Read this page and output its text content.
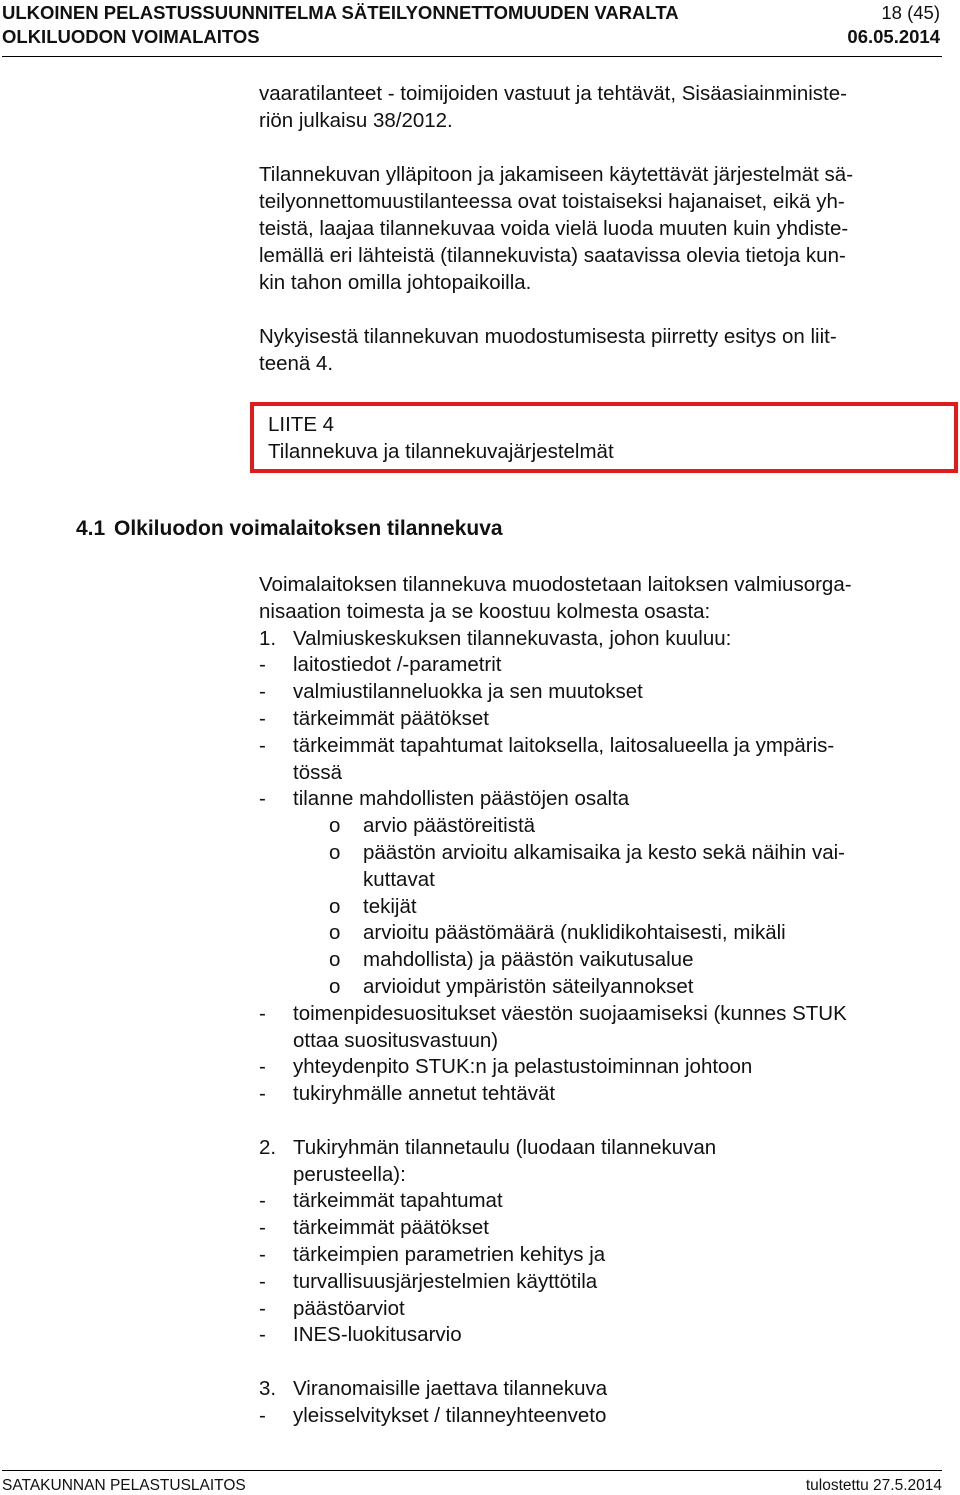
ULKOINEN PELASTUSSUUNNITELMA SÄTEILYONNETTOMUUDEN VARALTA
OLKILUODON VOIMALAITOS
18 (45)
06.05.2014

vaaratilanteet - toimijoiden vastuut ja tehtävät, Sisäasiainministe-
riön julkaisu 38/2012.

Tilannekuvan ylläpitoon ja jakamiseen käytettävät järjestelmät sä-
teilyonnettomuustilanteessa ovat toistaiseksi hajanaiset, eikä yh-
teistä, laajaa tilannekuvaa voida vielä luoda muuten kuin yhdiste-
lemällä eri lähteistä (tilannekuvista) saatavissa olevia tietoja kun-
kin tahon omilla johtopaikoilla.

Nykyisestä tilannekuvan muodostumisesta piirretty esitys on liit-
teenä 4.

LIITE 4
Tilannekuva ja tilannekuvajärjestelmät
4.1 Olkiluodon voimalaitoksen tilannekuva
Voimalaitoksen tilannekuva muodostetaan laitoksen valmiusorga-
nisaation toimesta ja se koostuu kolmesta osasta:
1. Valmiuskeskuksen tilannekuvasta, johon kuuluu:
- laitostiedot /-parametrit
- valmiustilanneluokka ja sen muutokset
- tärkeimmät päätökset
- tärkeimmät tapahtumat laitoksella, laitosalueella ja ympäris-
tössä
- tilanne mahdollisten päästöjen osalta
o arvio päästöreitistä
o päästön arvioitu alkamisaika ja kesto sekä näihin vai-
kuttavat
o tekijät
o arvioitu päästömäärä (nuklidikohtaisesti, mikäli
o mahdollista) ja päästön vaikutusalue
o arvioidut ympäristön säteilyannokset
- toimenpidesuositukset väestön suojaamiseksi (kunnes STUK
ottaa suositusvastuun)
- yhteydenpito STUK:n ja pelastustoiminnan johtoon
- tukiryhmälle annetut tehtävät
2. Tukiryhmän tilannetaulu (luodaan tilannekuvan
perusteella):
- tärkeimmät tapahtumat
- tärkeimmät päätökset
- tärkeimpien parametrien kehitys ja
- turvallisuusjärjestelmien käyttötila
- päästöarviot
- INES-luokitusarvio
3. Viranomaisille jaettava tilannekuva
- yleisselvitykset / tilanneyhteenveto
SATAKUNNAN PELASTUSLAITOS	tulostettu 27.5.2014
